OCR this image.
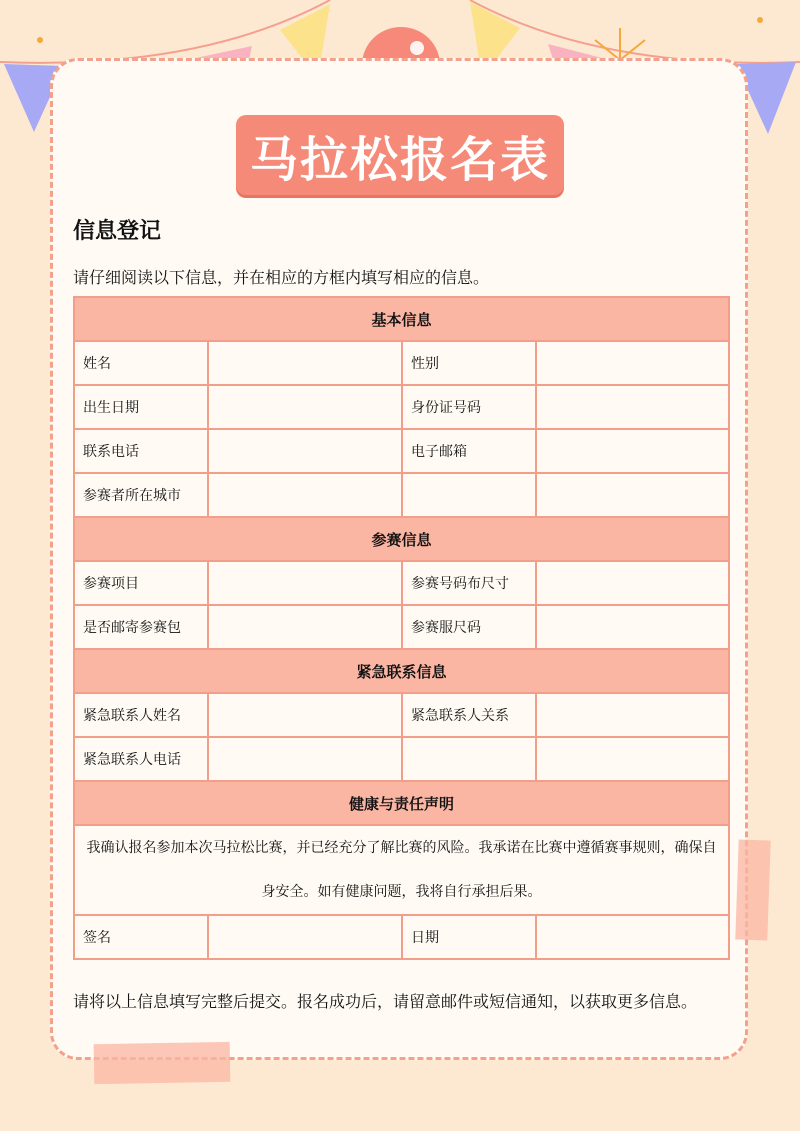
马拉松报名表
信息登记
请仔细阅读以下信息，并在相应的方框内填写相应的信息。
基本信息			
姓名		性别	
出生日期		身份证号码	
联系电话		电子邮箱	
参赛者所在城市			
参赛信息			
参赛项目		参赛号码布尺寸	
是否邮寄参赛包		参赛服尺码	
紧急联系信息			
紧急联系人姓名		紧急联系人关系	
紧急联系人电话			
健康与责任声明			
我确认报名参加本次马拉松比赛，并已经充分了解比赛的风险。我承诺在比赛中遵循赛事规则，确保自身安全。如有健康问题，我将自行承担后果。			
签名		日期	
请将以上信息填写完整后提交。报名成功后，请留意邮件或短信通知，以获取更多信息。
